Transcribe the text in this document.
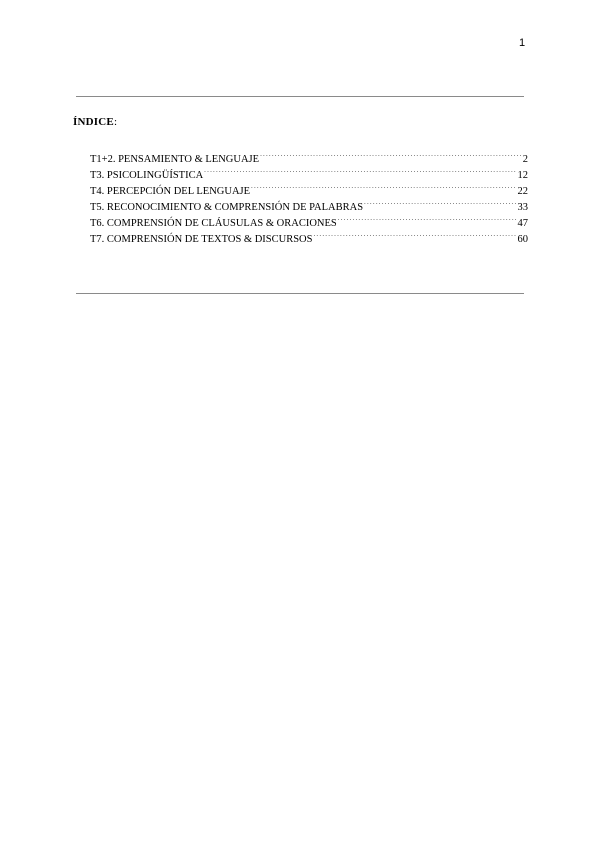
1
ÍNDICE:
T1+2. PENSAMIENTO & LENGUAJE .....	2
T3. PSICOLINGÜÍSTICA .....	12
T4. PERCEPCIÓN DEL LENGUAJE .....	22
T5. RECONOCIMIENTO & COMPRENSIÓN DE PALABRAS .....	33
T6. COMPRENSIÓN DE CLÁUSULAS & ORACIONES .....	47
T7. COMPRENSIÓN DE TEXTOS & DISCURSOS .....	60
